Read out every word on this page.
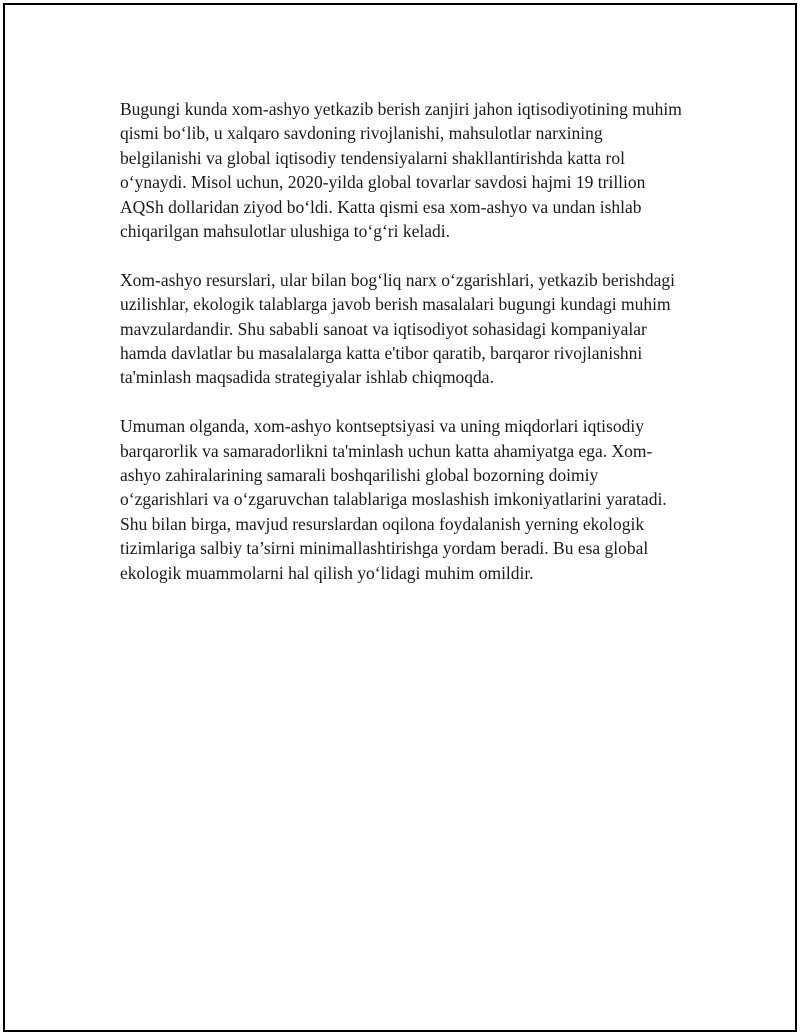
Bugungi kunda xom-ashyo yetkazib berish zanjiri jahon iqtisodiyotining muhim qismi bo‘lib, u xalqaro savdoning rivojlanishi, mahsulotlar narxining belgilanishi va global iqtisodiy tendensiyalarni shakllantirishda katta rol o‘ynaydi. Misol uchun, 2020-yilda global tovarlar savdosi hajmi 19 trillion AQSh dollaridan ziyod bo‘ldi. Katta qismi esa xom-ashyo va undan ishlab chiqarilgan mahsulotlar ulushiga to‘g‘ri keladi.

Xom-ashyo resurslari, ular bilan bog‘liq narx o‘zgarishlari, yetkazib berishdagi uzilishlar, ekologik talablarga javob berish masalalari bugungi kundagi muhim mavzulardandir. Shu sababli sanoat va iqtisodiyot sohasidagi kompaniyalar hamda davlatlar bu masalalarga katta e'tibor qaratib, barqaror rivojlanishni ta'minlash maqsadida strategiyalar ishlab chiqmoqda.

Umuman olganda, xom-ashyo kontseptsiyasi va uning miqdorlari iqtisodiy barqarorlik va samaradorlikni ta'minlash uchun katta ahamiyatga ega. Xom-ashyo zahiralarining samarali boshqarilishi global bozorning doimiy o‘zgarishlari va o‘zgaruvchan talablariga moslashish imkoniyatlarini yaratadi. Shu bilan birga, mavjud resurslardan oqilona foydalanish yerning ekologik tizimlariga salbiy ta’sirni minimallashtirishga yordam beradi. Bu esa global ekologik muammolarni hal qilish yo‘lidagi muhim omildir.
